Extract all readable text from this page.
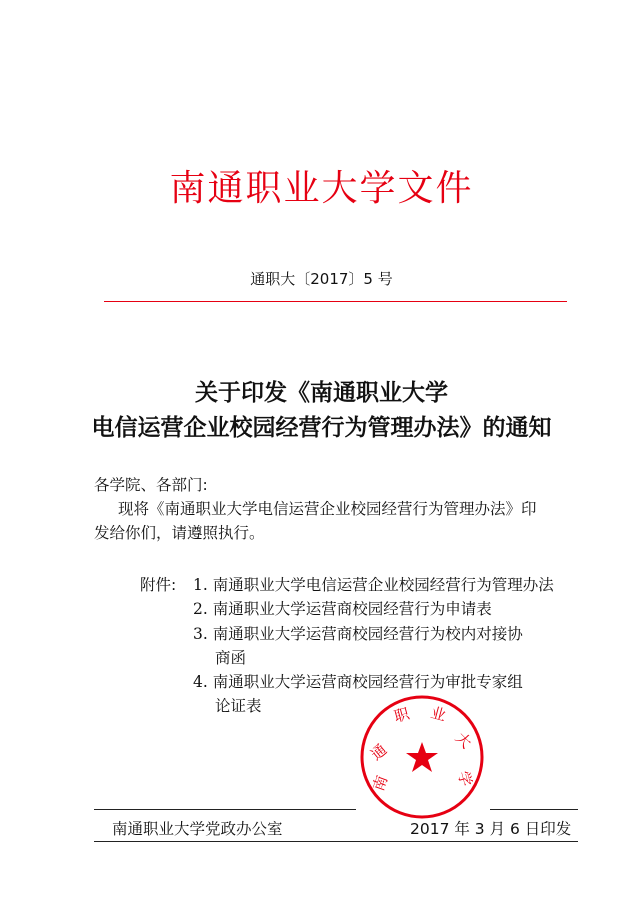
南通职业大学文件
通职大〔2017〕5 号
关于印发《南通职业大学
电信运营企业校园经营行为管理办法》的通知
各学院、各部门:
现将《南通职业大学电信运营企业校园经营行为管理办法》印
发给你们，请遵照执行。
附件: 1. 南通职业大学电信运营企业校园经营行为管理办法
2. 南通职业大学运营商校园经营行为申请表
3. 南通职业大学运营商校园经营行为校内对接协
商函
4. 南通职业大学运营商校园经营行为审批专家组
论证表
南
通
职 业
大
学
南通职业大学党政办公室	2017 年 3 月 6 日印发
